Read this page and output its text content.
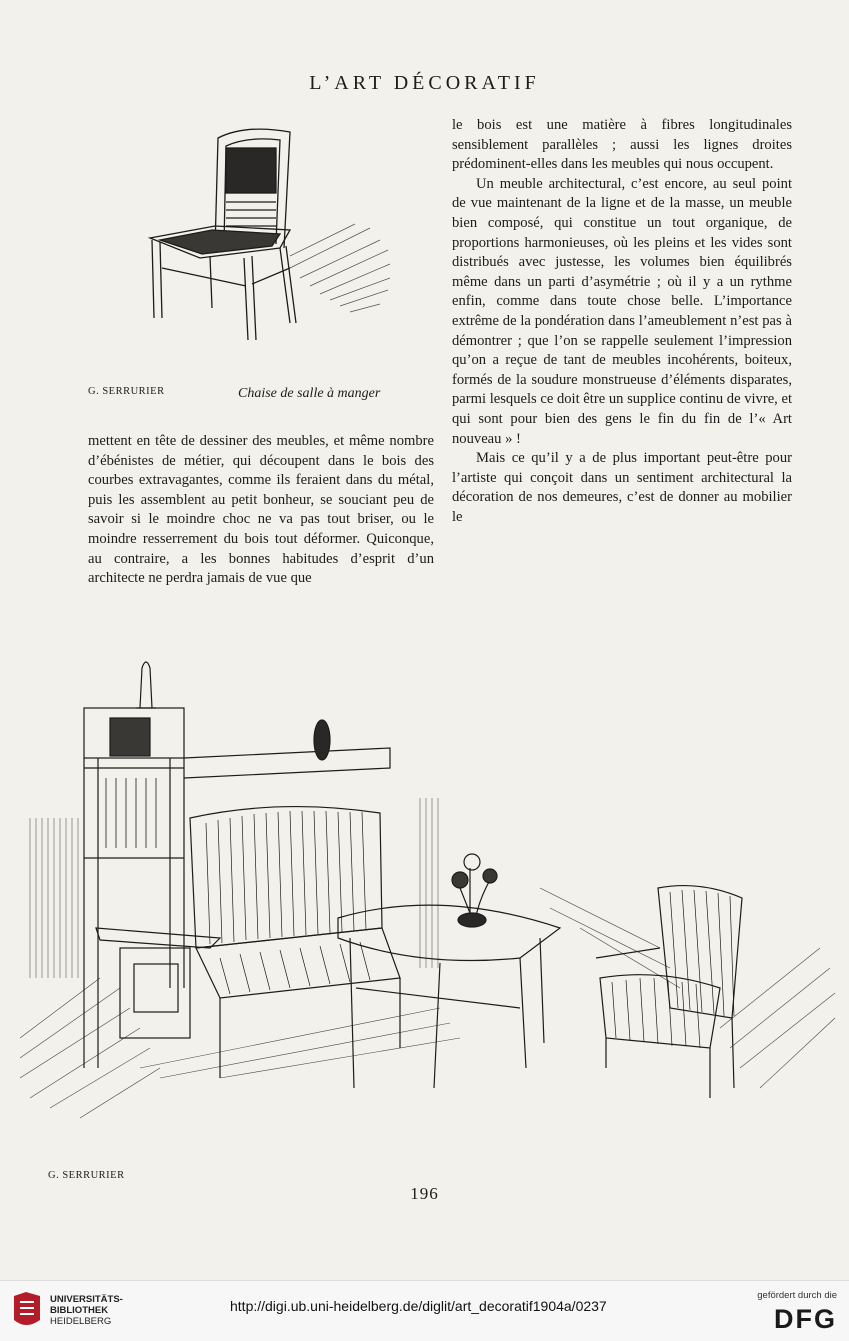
L’ART DÉCORATIF
G. SERRURIER	Chaise de salle à manger

le bois est une matière à fibres longitudinales sensiblement parallèles ; aussi les lignes droites prédominent-elles dans les meubles qui nous occupent.

Un meuble architectural, c’est encore, au seul point de vue maintenant de la ligne et de la masse, un meuble bien composé, qui constitue un tout organique, de proportions harmonieuses, où les pleins et les vides sont distribués avec justesse, les volumes bien équilibrés même dans un parti d’asymétrie ; où il y a un rythme enfin, comme dans toute chose belle. L’importance extrême de la pondération dans l’ameublement n’est pas à démontrer ; que l’on se rappelle seulement l’impression qu’on a reçue de tant de meubles incohérents, boiteux, formés de la soudure monstrueuse d’éléments disparates, parmi lesquels ce doit être un supplice continu de vivre, et qui sont pour bien des gens le fin du fin de l’« Art nouveau » !

Mais ce qu’il y a de plus important peut-être pour l’artiste qui conçoit dans un sentiment architectural la décoration de nos demeures, c’est de donner au mobilier le

mettent en tête de dessiner des meubles, et même nombre d’ébénistes de métier, qui découpent dans le bois des courbes extravagantes, comme ils feraient dans du métal, puis les assemblent au petit bonheur, se souciant peu de savoir si le moindre choc ne va pas tout briser, ou le moindre resserrement du bois tout déformer. Quiconque, au contraire, a les bonnes habitudes d’esprit d’un architecte ne perdra jamais de vue que

G. SERRURIER
196
UNIVERSITÄTS-
BIBLIOTHEK
HEIDELBERG
http://digi.ub.uni-heidelberg.de/diglit/art_decoratif1904a/0237
gefördert durch die
DFG
